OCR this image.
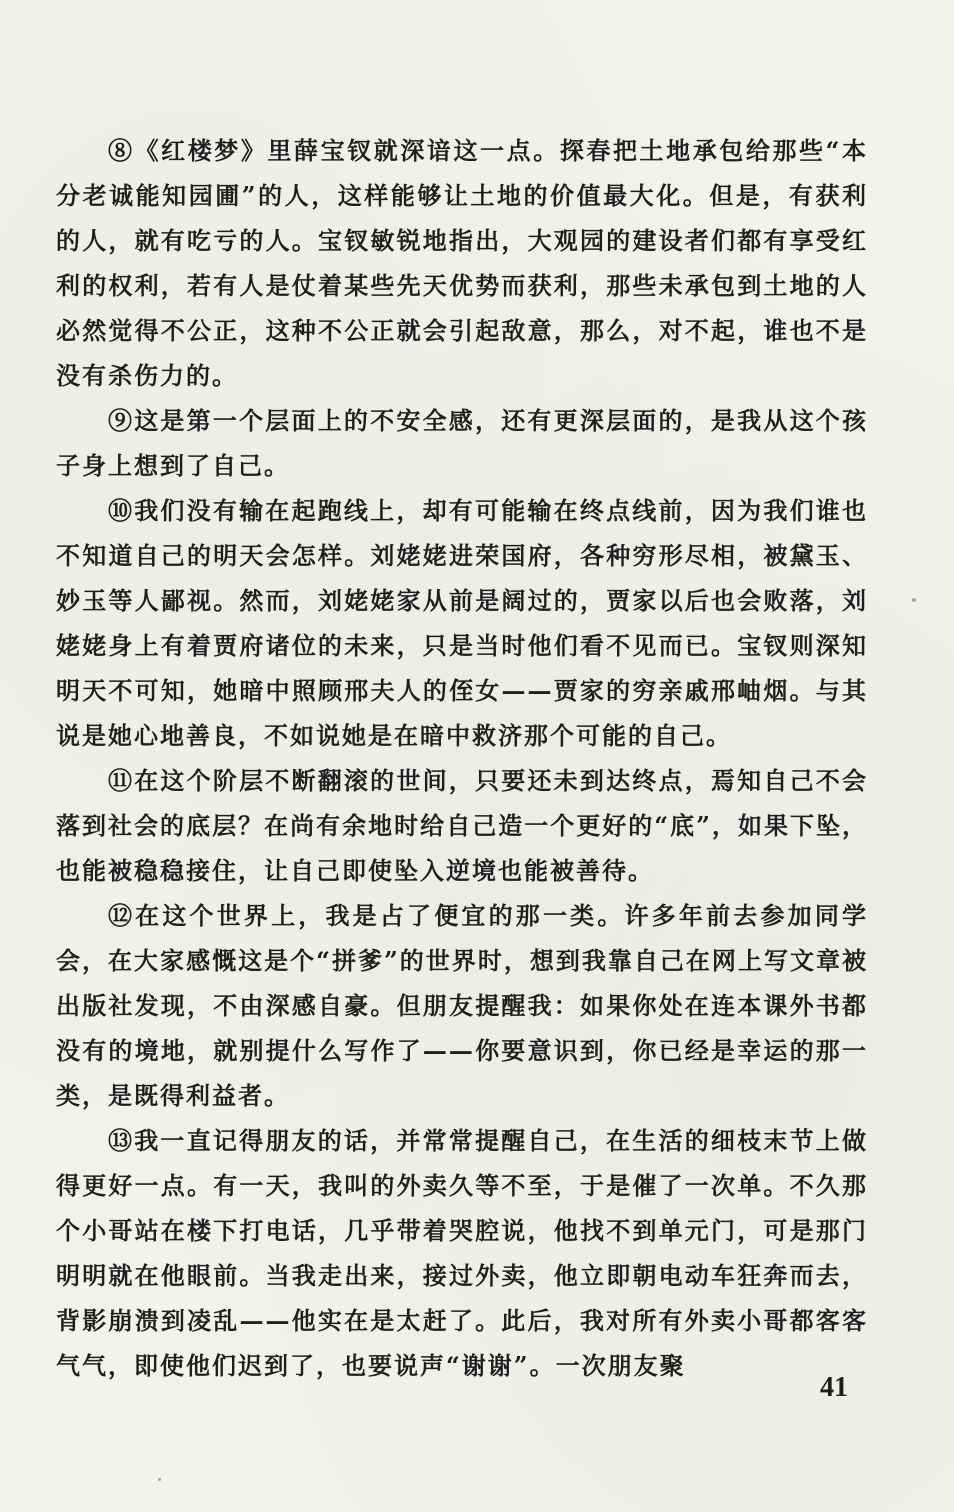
⑧《红楼梦》里薛宝钗就深谙这一点。探春把土地承包给那些“本分老诚能知园圃”的人，这样能够让土地的价值最大化。但是，有获利的人，就有吃亏的人。宝钗敏锐地指出，大观园的建设者们都有享受红利的权利，若有人是仗着某些先天优势而获利，那些未承包到土地的人必然觉得不公正，这种不公正就会引起敌意，那么，对不起，谁也不是没有杀伤力的。

⑨这是第一个层面上的不安全感，还有更深层面的，是我从这个孩子身上想到了自己。

⑩我们没有输在起跑线上，却有可能输在终点线前，因为我们谁也不知道自己的明天会怎样。刘姥姥进荣国府，各种穷形尽相，被黛玉、妙玉等人鄙视。然而，刘姥姥家从前是阔过的，贾家以后也会败落，刘姥姥身上有着贾府诸位的未来，只是当时他们看不见而已。宝钗则深知明天不可知，她暗中照顾邢夫人的侄女——贾家的穷亲戚邢岫烟。与其说是她心地善良，不如说她是在暗中救济那个可能的自己。

⑪在这个阶层不断翻滚的世间，只要还未到达终点，焉知自己不会落到社会的底层？在尚有余地时给自己造一个更好的“底”，如果下坠，也能被稳稳接住，让自己即使坠入逆境也能被善待。

⑫在这个世界上，我是占了便宜的那一类。许多年前去参加同学会，在大家感慨这是个“拼爹”的世界时，想到我靠自己在网上写文章被出版社发现，不由深感自豪。但朋友提醒我：如果你处在连本课外书都没有的境地，就别提什么写作了——你要意识到，你已经是幸运的那一类，是既得利益者。

⑬我一直记得朋友的话，并常常提醒自己，在生活的细枝末节上做得更好一点。有一天，我叫的外卖久等不至，于是催了一次单。不久那个小哥站在楼下打电话，几乎带着哭腔说，他找不到单元门，可是那门明明就在他眼前。当我走出来，接过外卖，他立即朝电动车狂奔而去，背影崩溃到凌乱——他实在是太赶了。此后，我对所有外卖小哥都客客气气，即使他们迟到了，也要说声“谢谢”。一次朋友聚

41
